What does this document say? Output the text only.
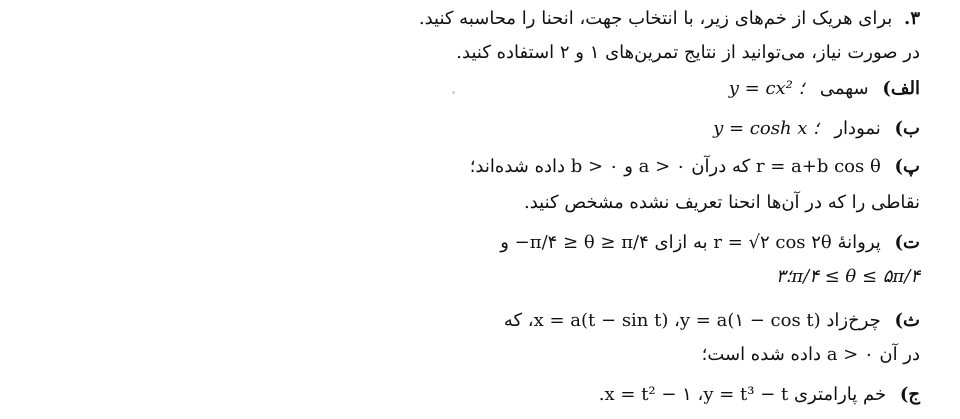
۳. برای هریک از خم‌های زیر، با انتخاب جهت، انحنا را محاسبه کنید.
در صورت نیاز، می‌توانید از نتایج تمرین‌های ۱ و ۲ استفاده کنید.
الف) سهمی  y = cx² ؛
ب) نمودار  y = cosh x ؛
پ) r = a+b cos θ که درآن ۰ < a و ۰ < b داده شده‌اند؛
نقاطی را که در آن‌ها انحنا تعریف نشده مشخص کنید.
ت) پروانهٔ r = √۲ cos ۲θ به ازای π/۴ ≥ θ ≥ π/۴− و
؛۳π/۴ ≤ θ ≤ ۵π/۴
ث) چرخ‌زاد x = a(t − sin t) ،y = a(۱ − cos t)، که
در آن ۰ < a داده شده است؛
ج) خم پارامتری x = t² − ۱ ،y = t³ − t.
